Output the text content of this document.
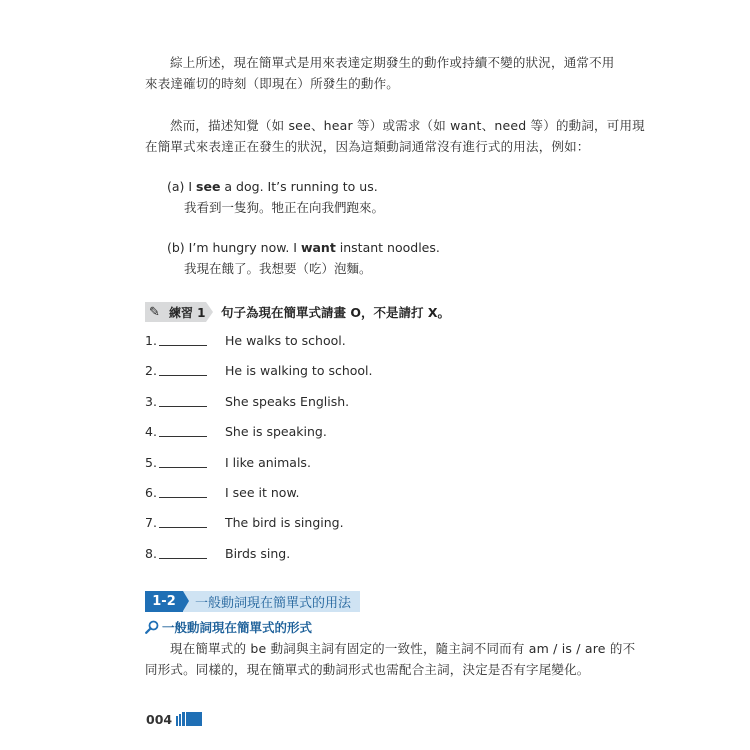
綜上所述，現在簡單式是用來表達定期發生的動作或持續不變的狀況，通常不用
來表達確切的時刻（即現在）所發生的動作。
然而，描述知覺（如 see、hear 等）或需求（如 want、need 等）的動詞，可用現
在簡單式來表達正在發生的狀況，因為這類動詞通常沒有進行式的用法，例如：
(a) I see a dog. It’s running to us.
我看到一隻狗。牠正在向我們跑來。
(b) I’m hungry now. I want instant noodles.
我現在餓了。我想要（吃）泡麵。
✎ 練習 1 句子為現在簡單式請畫 O，不是請打 X。
1.	He walks to school.
2.	He is walking to school.
3.	She speaks English.
4.	She is speaking.
5.	I like animals.
6.	I see it now.
7.	The bird is singing.
8.	Birds sing.
1-2	一般動詞現在簡單式的用法
一般動詞現在簡單式的形式
現在簡單式的 be 動詞與主詞有固定的一致性，隨主詞不同而有 am / is / are 的不
同形式。同樣的，現在簡單式的動詞形式也需配合主詞，決定是否有字尾變化。
004
